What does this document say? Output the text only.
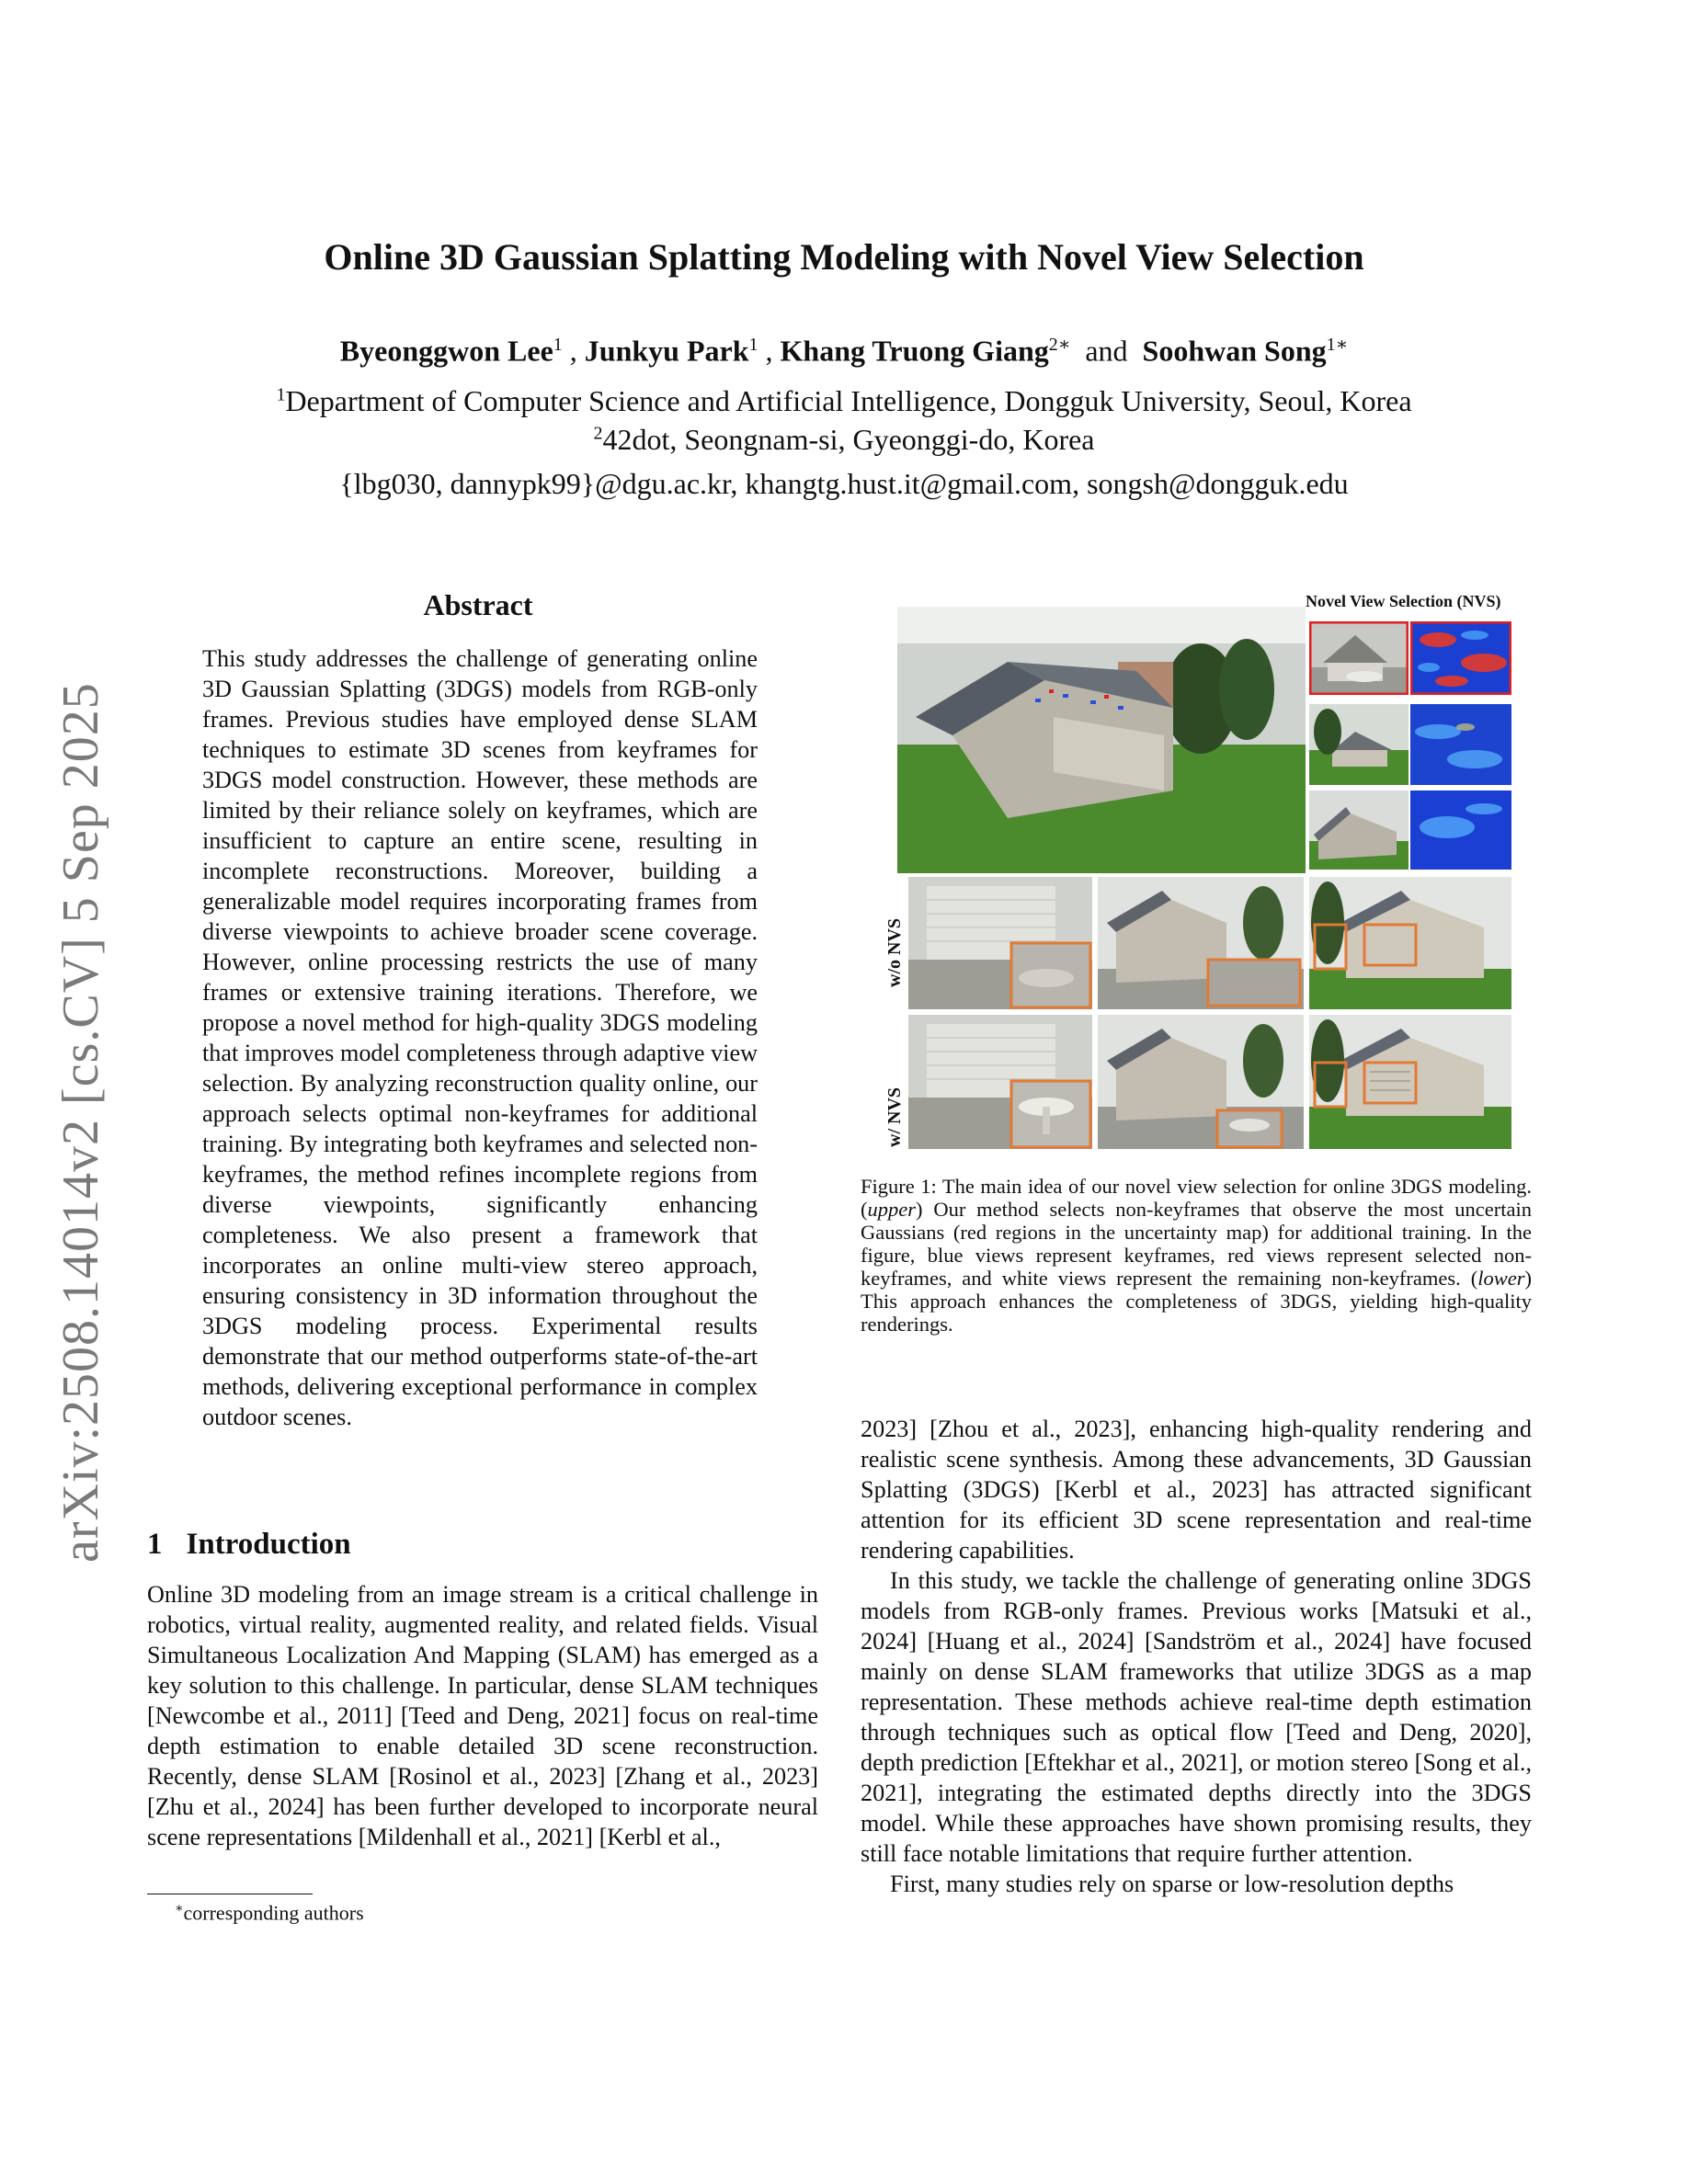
arXiv:2508.14014v2 [cs.CV] 5 Sep 2025
Online 3D Gaussian Splatting Modeling with Novel View Selection
Byeonggwon Lee$^1$ , Junkyu Park$^1$ , Khang Truong Giang$^{2∗}$ and Soohwan Song$^{1∗}$
$^1$Department of Computer Science and Artificial Intelligence, Dongguk University, Seoul, Korea
$^2$42dot, Seongnam-si, Gyeonggi-do, Korea
{lbg030, dannypk99}@dgu.ac.kr, khangtg.hust.it@gmail.com, songsh@dongguk.edu
Abstract

This study addresses the challenge of generating online 3D Gaussian Splatting (3DGS) models from RGB-only frames. Previous studies have employed dense SLAM techniques to estimate 3D scenes from keyframes for 3DGS model construction. However, these methods are limited by their reliance solely on keyframes, which are insufficient to capture an entire scene, resulting in incomplete reconstructions. Moreover, building a generalizable model requires incorporating frames from diverse viewpoints to achieve broader scene coverage. However, online processing restricts the use of many frames or extensive training iterations. Therefore, we propose a novel method for high-quality 3DGS modeling that improves model completeness through adaptive view selection. By analyzing reconstruction quality online, our approach selects optimal non-keyframes for additional training. By integrating both keyframes and selected non-keyframes, the method refines incomplete regions from diverse viewpoints, significantly enhancing completeness. We also present a framework that incorporates an online multi-view stereo approach, ensuring consistency in 3D information throughout the 3DGS modeling process. Experimental results demonstrate that our method outperforms state-of-the-art methods, delivering exceptional performance in complex outdoor scenes.

1 Introduction

Online 3D modeling from an image stream is a critical challenge in robotics, virtual reality, augmented reality, and related fields. Visual Simultaneous Localization And Mapping (SLAM) has emerged as a key solution to this challenge. In particular, dense SLAM techniques [Newcombe et al., 2011] [Teed and Deng, 2021] focus on real-time depth estimation to enable detailed 3D scene reconstruction. Recently, dense SLAM [Rosinol et al., 2023] [Zhang et al., 2023] [Zhu et al., 2024] has been further developed to incorporate neural scene representations [Mildenhall et al., 2021] [Kerbl et al.,

∗corresponding authors
Novel View Selection (NVS)
w/o NVS
w/ NVS
Figure 1: The main idea of our novel view selection for online 3DGS modeling. (upper) Our method selects non-keyframes that observe the most uncertain Gaussians (red regions in the uncertainty map) for additional training. In the figure, blue views represent keyframes, red views represent selected non-keyframes, and white views represent the remaining non-keyframes. (lower) This approach enhances the completeness of 3DGS, yielding high-quality renderings.

2023] [Zhou et al., 2023], enhancing high-quality rendering and realistic scene synthesis. Among these advancements, 3D Gaussian Splatting (3DGS) [Kerbl et al., 2023] has attracted significant attention for its efficient 3D scene representation and real-time rendering capabilities.

In this study, we tackle the challenge of generating online 3DGS models from RGB-only frames. Previous works [Matsuki et al., 2024] [Huang et al., 2024] [Sandström et al., 2024] have focused mainly on dense SLAM frameworks that utilize 3DGS as a map representation. These methods achieve real-time depth estimation through techniques such as optical flow [Teed and Deng, 2020], depth prediction [Eftekhar et al., 2021], or motion stereo [Song et al., 2021], integrating the estimated depths directly into the 3DGS model. While these approaches have shown promising results, they still face notable limitations that require further attention.

First, many studies rely on sparse or low-resolution depths
